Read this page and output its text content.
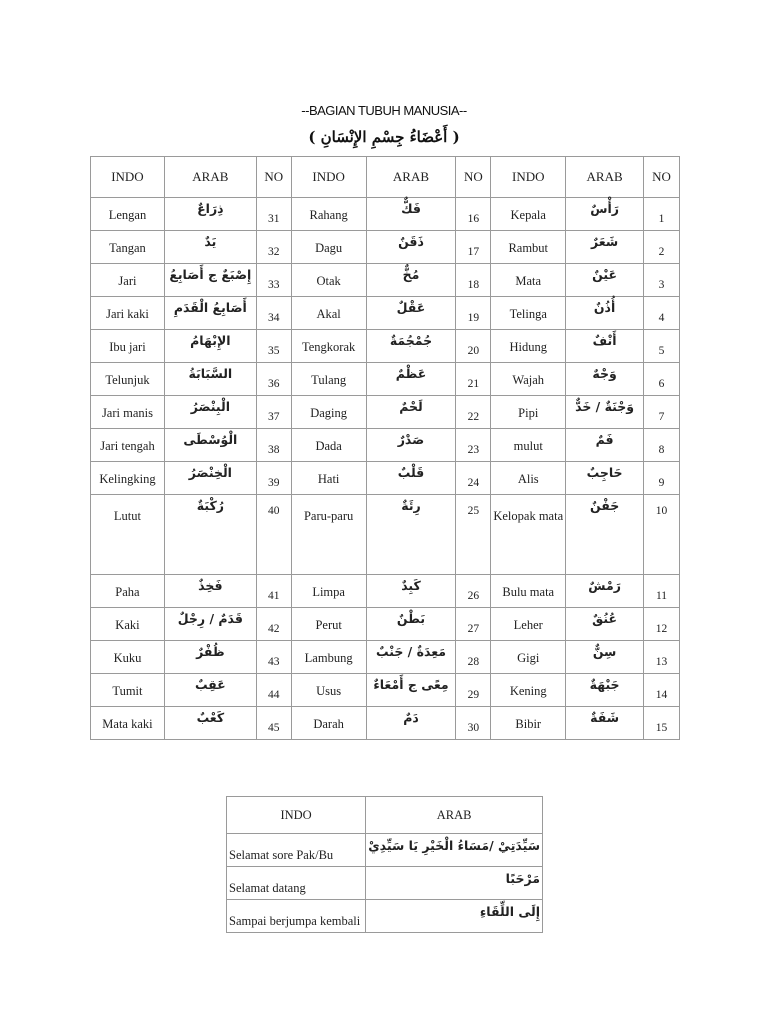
--BAGIAN TUBUH MANUSIA--
( أَعْضَاءُ جِسْمِ الإِنْسَانِ )
INDO	ARAB	NO	INDO	ARAB	NO	INDO	ARAB	NO
Lengan	ذِرَاعٌ	31	Rahang	فَكٌّ	16	Kepala	رَأْسٌ	1
Tangan	يَدٌ	32	Dagu	ذَقَنٌ	17	Rambut	شَعَرٌ	2
Jari	إِصْبَعٌ ج أَصَابِعُ	33	Otak	مُخٌّ	18	Mata	عَيْنٌ	3
Jari kaki	أَصَابِعُ الْقَدَمِ	34	Akal	عَقْلٌ	19	Telinga	أُذُنٌ	4
Ibu jari	الإِبْهَامُ	35	Tengkorak	جُمْجُمَةٌ	20	Hidung	أَنْفٌ	5
Telunjuk	السَّبَابَةُ	36	Tulang	عَظْمٌ	21	Wajah	وَجْهٌ	6
Jari manis	الْبِنْصَرُ	37	Daging	لَحْمٌ	22	Pipi	وَجْنَةٌ / خَدٌّ	7
Jari tengah	الْوُسْطَى	38	Dada	صَدْرٌ	23	mulut	فَمٌ	8
Kelingking	الْخِنْصَرُ	39	Hati	قَلْبٌ	24	Alis	حَاجِبٌ	9
Lutut	رُكْبَةٌ	40	Paru-paru	رِئَةٌ	25	Kelopak mata	جَفْنٌ	10
Paha	فَخِذٌ	41	Limpa	كَبِدٌ	26	Bulu mata	رَمْشٌ	11
Kaki	قَدَمٌ / رِجْلٌ	42	Perut	بَطْنٌ	27	Leher	عُنُقٌ	12
Kuku	ظُفْرٌ	43	Lambung	مَعِدَةٌ / جَنْبٌ	28	Gigi	سِنٌّ	13
Tumit	عَقِبٌ	44	Usus	مِعًى ج أَمْعَاءٌ	29	Kening	جَبْهَةٌ	14
Mata kaki	كَعْبٌ	45	Darah	دَمٌ	30	Bibir	شَفَةٌ	15
INDO	ARAB
Selamat sore Pak/Bu	سَيِّدَتِيْ /مَسَاءُ الْخَيْرِ يَا سَيِّدِيْ
Selamat datang	مَرْحَبًا
Sampai berjumpa kembali	إِلَى اللِّقَاءِ
